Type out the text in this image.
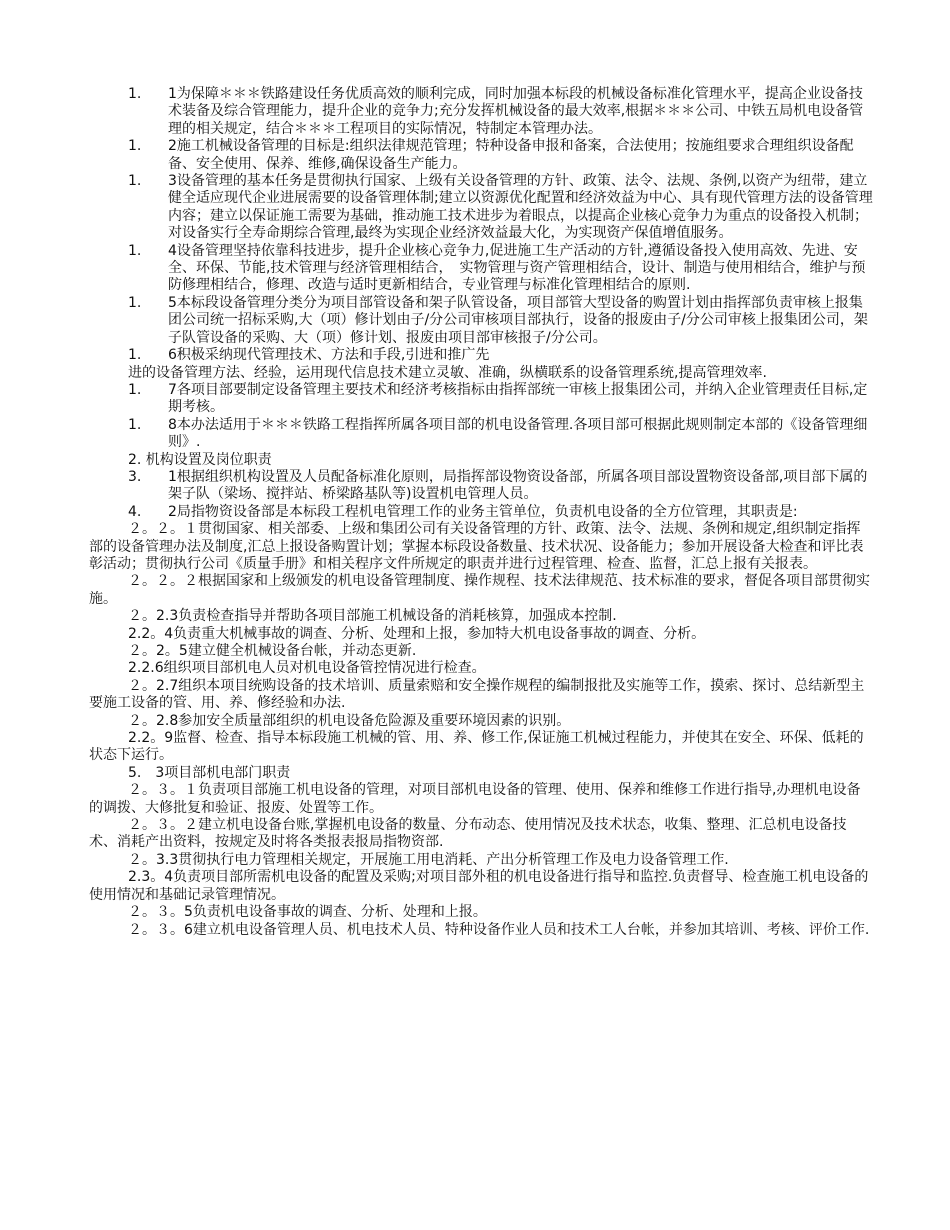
1. 1为保障＊＊＊铁路建设任务优质高效的顺利完成，同时加强本标段的机械设备标准化管理水平，提高企业设备技术装备及综合管理能力，提升企业的竞争力;充分发挥机械设备的最大效率,根据＊＊＊公司、中铁五局机电设备管理的相关规定，结合＊＊＊工程项目的实际情况，特制定本管理办法。
1. 2施工机械设备管理的目标是:组织法律规范管理；特种设备申报和备案，合法使用；按施组要求合理组织设备配备、安全使用、保养、维修,确保设备生产能力。
1. 3设备管理的基本任务是贯彻执行国家、上级有关设备管理的方针、政策、法令、法规、条例,以资产为纽带，建立健全适应现代企业进展需要的设备管理体制;建立以资源优化配置和经济效益为中心、具有现代管理方法的设备管理内容；建立以保证施工需要为基础，推动施工技术进步为着眼点，以提高企业核心竞争力为重点的设备投入机制；对设备实行全寿命期综合管理,最终为实现企业经济效益最大化，为实现资产保值增值服务。
1. 4设备管理坚持依靠科技进步，提升企业核心竞争力,促进施工生产活动的方针,遵循设备投入使用高效、先进、安全、环保、节能,技术管理与经济管理相结合，　实物管理与资产管理相结合，设计、制造与使用相结合，维护与预防修理相结合，修理、改造与适时更新相结合，专业管理与标准化管理相结合的原则.
1. 5本标段设备管理分类分为项目部管设备和架子队管设备，项目部管大型设备的购置计划由指挥部负责审核上报集团公司统一招标采购,大（项）修计划由子/分公司审核项目部执行，设备的报废由子/分公司审核上报集团公司，架子队管设备的采购、大（项）修计划、报废由项目部审核报子/分公司。
1. 6积极采纳现代管理技术、方法和手段,引进和推广先
进的设备管理方法、经验，运用现代信息技术建立灵敏、准确，纵横联系的设备管理系统,提高管理效率.
1. 7各项目部要制定设备管理主要技术和经济考核指标由指挥部统一审核上报集团公司，并纳入企业管理责任目标,定期考核。
1. 8本办法适用于＊＊＊铁路工程指挥所属各项目部的机电设备管理.各项目部可根据此规则制定本部的《设备管理细则》.
2. 机构设置及岗位职责
3. 1根据组织机构设置及人员配备标准化原则，局指挥部设物资设备部，所属各项目部设置物资设备部,项目部下属的架子队（梁场、搅拌站、桥梁路基队等)设置机电管理人员。
4. 2局指物资设备部是本标段工程机电管理工作的业务主管单位，负责机电设备的全方位管理，其职责是:
２。２。１贯彻国家、相关部委、上级和集团公司有关设备管理的方针、政策、法令、法规、条例和规定,组织制定指挥部的设备管理办法及制度,汇总上报设备购置计划；掌握本标段设备数量、技术状况、设备能力；参加开展设备大检查和评比表彰活动；贯彻执行公司《质量手册》和相关程序文件所规定的职责并进行过程管理、检查、监督，汇总上报有关报表。
２。２。２根据国家和上级颁发的机电设备管理制度、操作规程、技术法律规范、技术标准的要求，督促各项目部贯彻实施。
２。2.3负责检查指导并帮助各项目部施工机械设备的消耗核算，加强成本控制.
2.2。4负责重大机械事故的调查、分析、处理和上报，参加特大机电设备事故的调查、分析。
２。2。5建立健全机械设备台帐，并动态更新.
2.2.6组织项目部机电人员对机电设备管控情况进行检查。
２。2.7组织本项目统购设备的技术培训、质量索赔和安全操作规程的编制报批及实施等工作，摸索、探讨、总结新型主要施工设备的管、用、养、修经验和办法.
２。2.8参加安全质量部组织的机电设备危险源及重要环境因素的识别。
2.2。9监督、检查、指导本标段施工机械的管、用、养、修工作,保证施工机械过程能力，并使其在安全、环保、低耗的状态下运行。
5.　3项目部机电部门职责
２。３。１负责项目部施工机电设备的管理，对项目部机电设备的管理、使用、保养和维修工作进行指导,办理机电设备的调拨、大修批复和验证、报废、处置等工作。
２。３。２建立机电设备台账,掌握机电设备的数量、分布动态、使用情况及技术状态，收集、整理、汇总机电设备技术、消耗产出资料，按规定及时将各类报表报局指物资部.
２。3.3贯彻执行电力管理相关规定，开展施工用电消耗、产出分析管理工作及电力设备管理工作.
2.3。4负责项目部所需机电设备的配置及采购;对项目部外租的机电设备进行指导和监控.负责督导、检查施工机电设备的使用情况和基础记录管理情况。
２。３。5负责机电设备事故的调查、分析、处理和上报。
２。３。6建立机电设备管理人员、机电技术人员、特种设备作业人员和技术工人台帐，并参加其培训、考核、评价工作.
